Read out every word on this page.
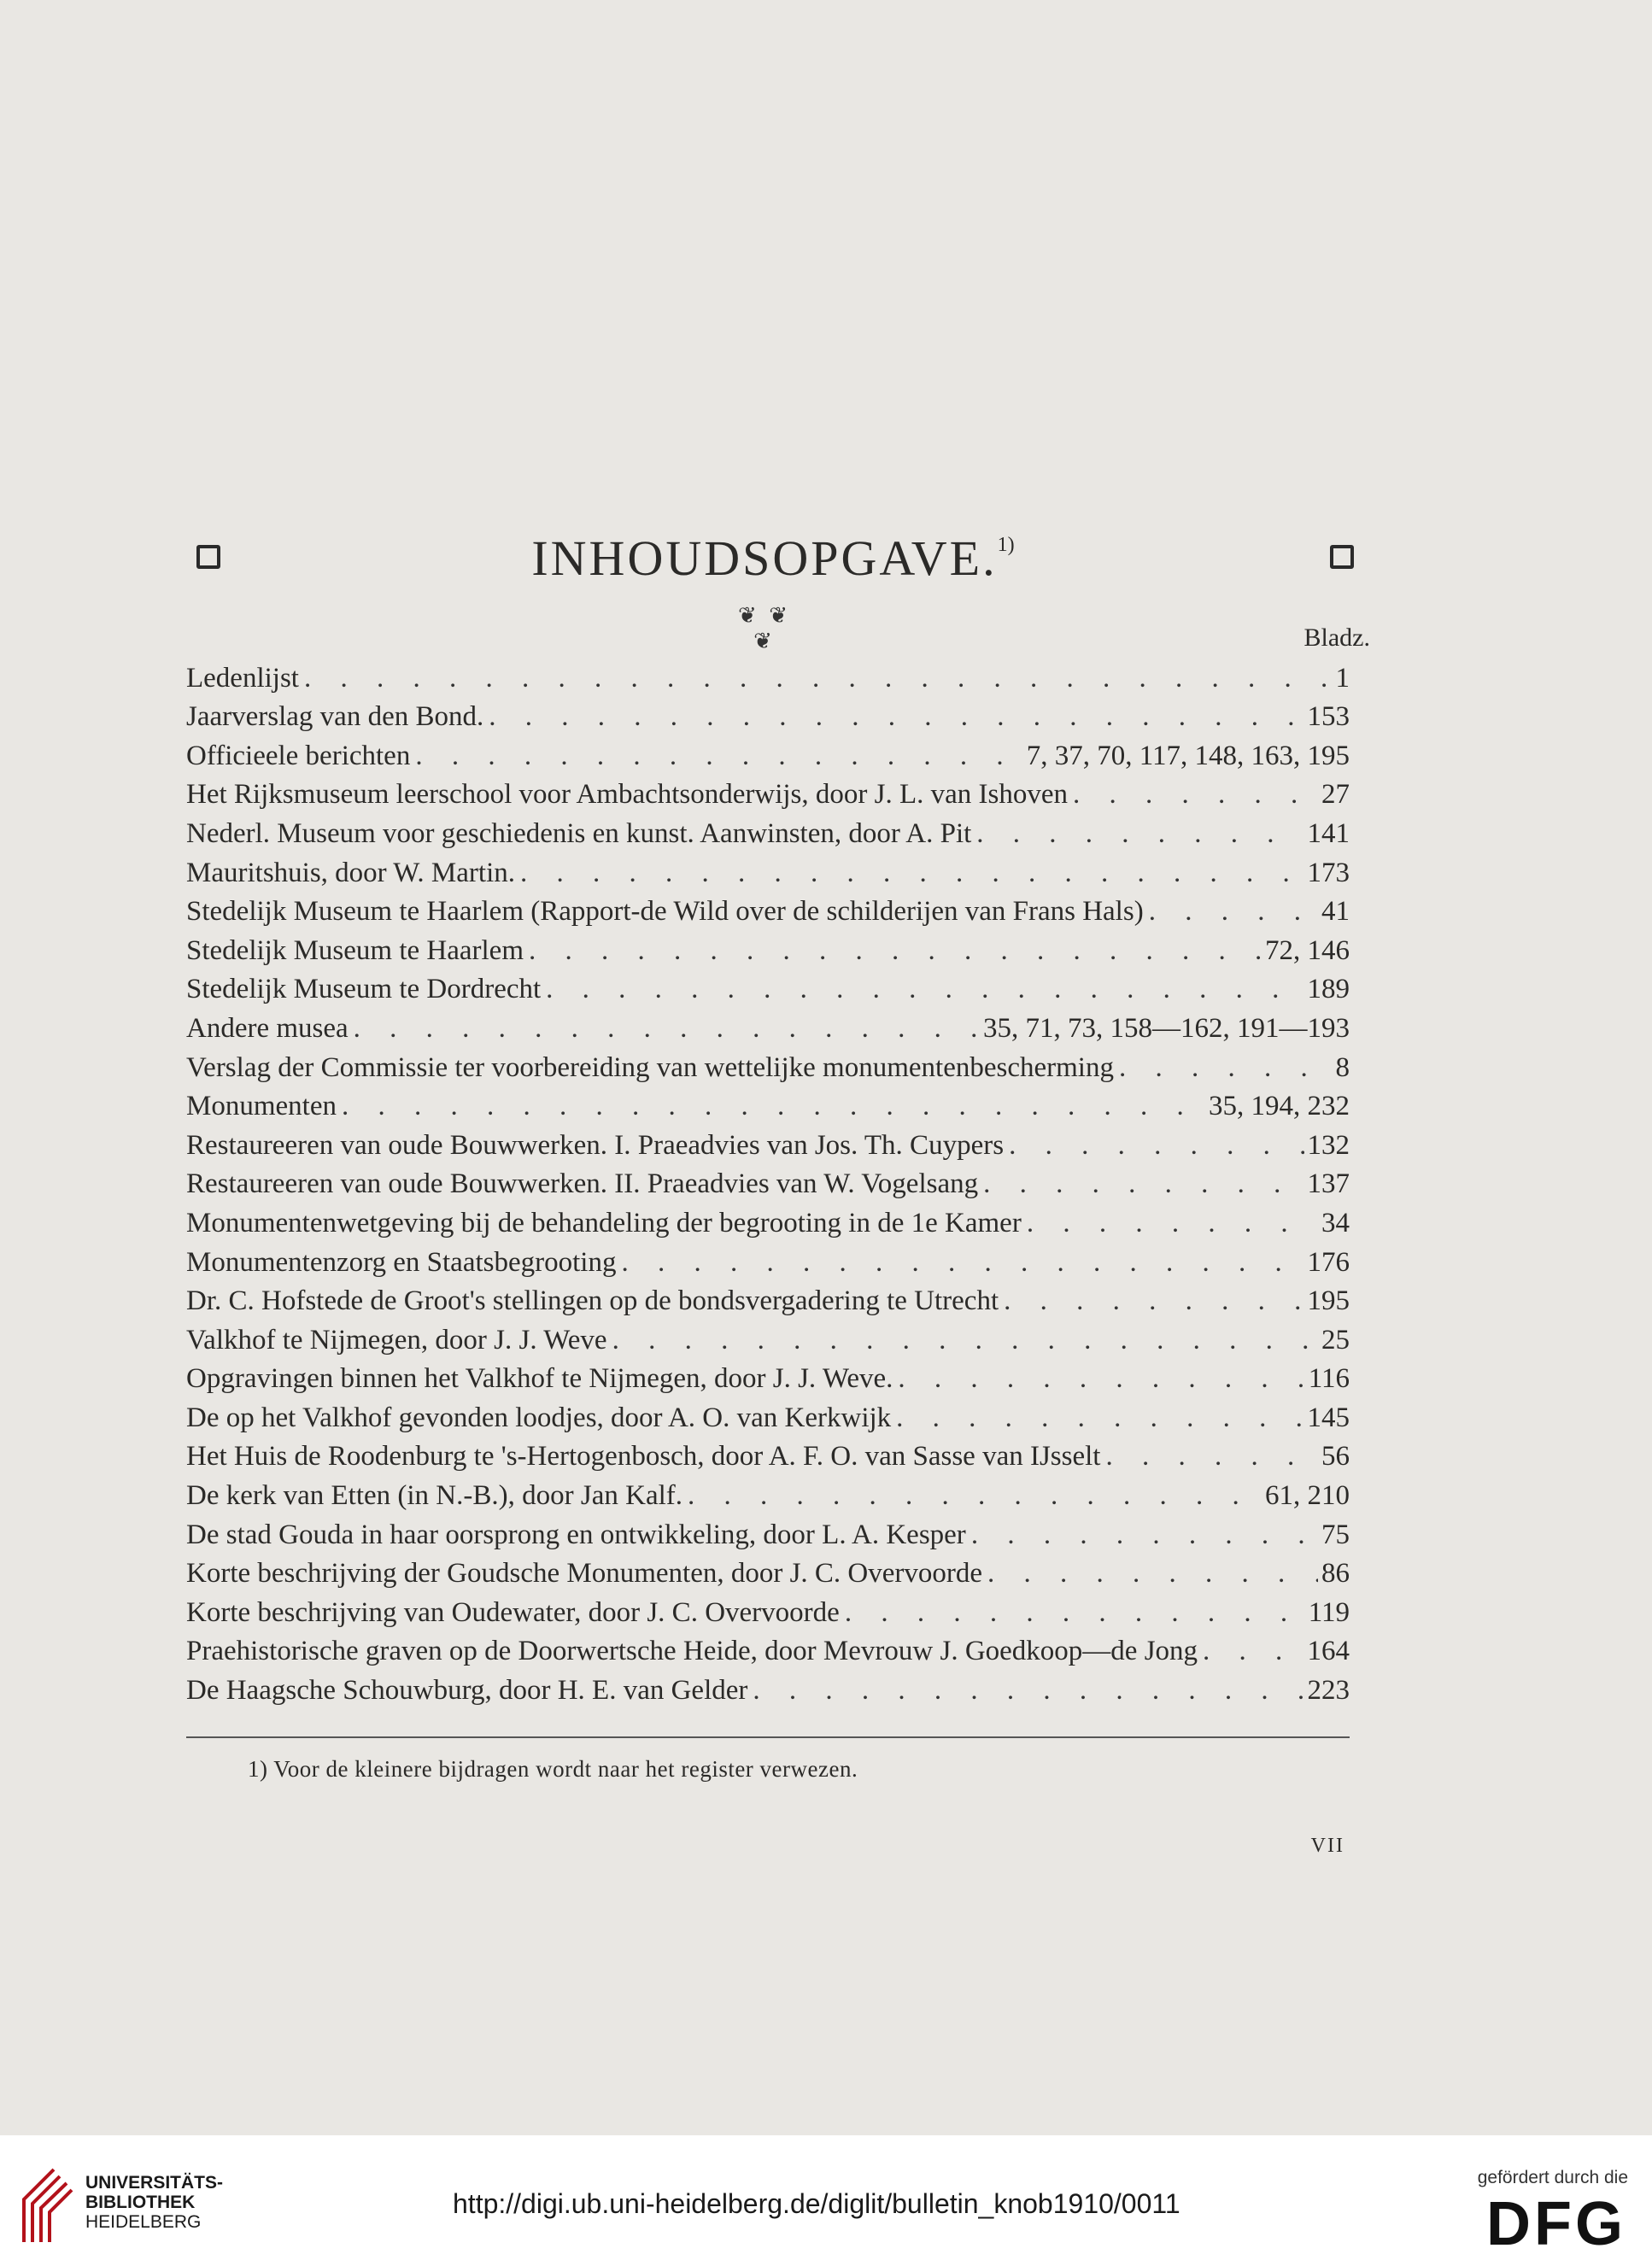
INHOUDSOPGAVE.$^{1)}$
❦ ❦ ❦	Bladz.
Ledenlijst . . .	1
Jaarverslag van den Bond. . . .	153
Officieele berichten . . .	7, 37, 70, 117, 148, 163, 195
Het Rijksmuseum leerschool voor Ambachtsonderwijs, door J. L. van Ishoven . . .	27
Nederl. Museum voor geschiedenis en kunst. Aanwinsten, door A. Pit . . .	141
Mauritshuis, door W. Martin. . . .	173
Stedelijk Museum te Haarlem (Rapport-de Wild over de schilderijen van Frans Hals) . . .	41
Stedelijk Museum te Haarlem . . .	72, 146
Stedelijk Museum te Dordrecht . . .	189
Andere musea . . .	35, 71, 73, 158—162, 191—193
Verslag der Commissie ter voorbereiding van wettelijke monumentenbescherming . . .	8
Monumenten . . .	35, 194, 232
Restaureeren van oude Bouwwerken. I. Praeadvies van Jos. Th. Cuypers . . .	132
Restaureeren van oude Bouwwerken. II. Praeadvies van W. Vogelsang . . .	137
Monumentenwetgeving bij de behandeling der begrooting in de 1e Kamer . . .	34
Monumentenzorg en Staatsbegrooting . . .	176
Dr. C. Hofstede de Groot's stellingen op de bondsvergadering te Utrecht . . .	195
Valkhof te Nijmegen, door J. J. Weve . . .	25
Opgravingen binnen het Valkhof te Nijmegen, door J. J. Weve. . . .	116
De op het Valkhof gevonden loodjes, door A. O. van Kerkwijk . . .	145
Het Huis de Roodenburg te 's-Hertogenbosch, door A. F. O. van Sasse van IJsselt . . .	56
De kerk van Etten (in N.-B.), door Jan Kalf. . . .	61, 210
De stad Gouda in haar oorsprong en ontwikkeling, door L. A. Kesper . . .	75
Korte beschrijving der Goudsche Monumenten, door J. C. Overvoorde . . .	86
Korte beschrijving van Oudewater, door J. C. Overvoorde . . .	119
Praehistorische graven op de Doorwertsche Heide, door Mevrouw J. Goedkoop—de Jong . . .	164
De Haagsche Schouwburg, door H. E. van Gelder . . .	223
1) Voor de kleinere bijdragen wordt naar het register verwezen.
VII
UNIVERSITÄTS-
BIBLIOTHEK
HEIDELBERG
http://digi.ub.uni-heidelberg.de/diglit/bulletin_knob1910/0011
gefördert durch die
DFG
